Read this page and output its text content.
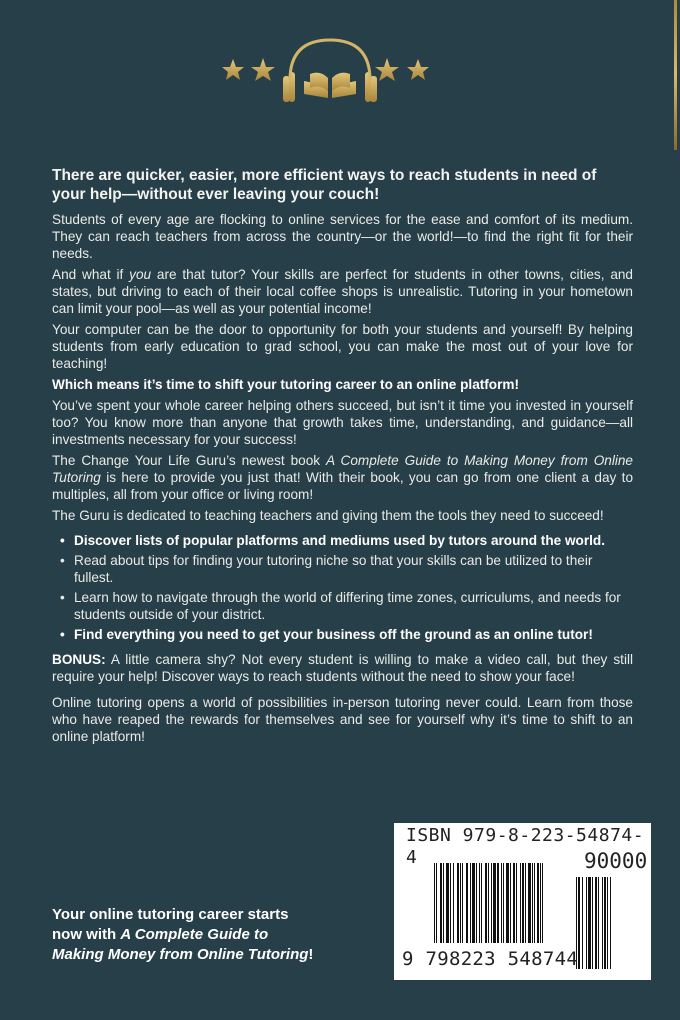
There are quicker, easier, more efficient ways to reach students in need of your help—without ever leaving your couch!

Students of every age are flocking to online services for the ease and comfort of its medium. They can reach teachers from across the country—or the world!—to find the right fit for their needs.

And what if you are that tutor? Your skills are perfect for students in other towns, cities, and states, but driving to each of their local coffee shops is unrealistic. Tutoring in your hometown can limit your pool—as well as your potential income!

Your computer can be the door to opportunity for both your students and yourself! By helping students from early education to grad school, you can make the most out of your love for teaching!

Which means it’s time to shift your tutoring career to an online platform!

You’ve spent your whole career helping others succeed, but isn’t it time you invested in yourself too? You know more than anyone that growth takes time, understanding, and guidance—all investments necessary for your success!

The Change Your Life Guru’s newest book A Complete Guide to Making Money from Online Tutoring is here to provide you just that! With their book, you can go from one client a day to multiples, all from your office or living room!

The Guru is dedicated to teaching teachers and giving them the tools they need to succeed!

• Discover lists of popular platforms and mediums used by tutors around the world.
• Read about tips for finding your tutoring niche so that your skills can be utilized to their fullest.
• Learn how to navigate through the world of differing time zones, curriculums, and needs for students outside of your district.
• Find everything you need to get your business off the ground as an online tutor!

BONUS: A little camera shy? Not every student is willing to make a video call, but they still require your help! Discover ways to reach students without the need to show your face!

Online tutoring opens a world of possibilities in-person tutoring never could. Learn from those who have reaped the rewards for themselves and see for yourself why it’s time to shift to an online platform!

Your online tutoring career starts now with A Complete Guide to Making Money from Online Tutoring!
ISBN 979-8-223-54874-4	90000
9 798223 548744
